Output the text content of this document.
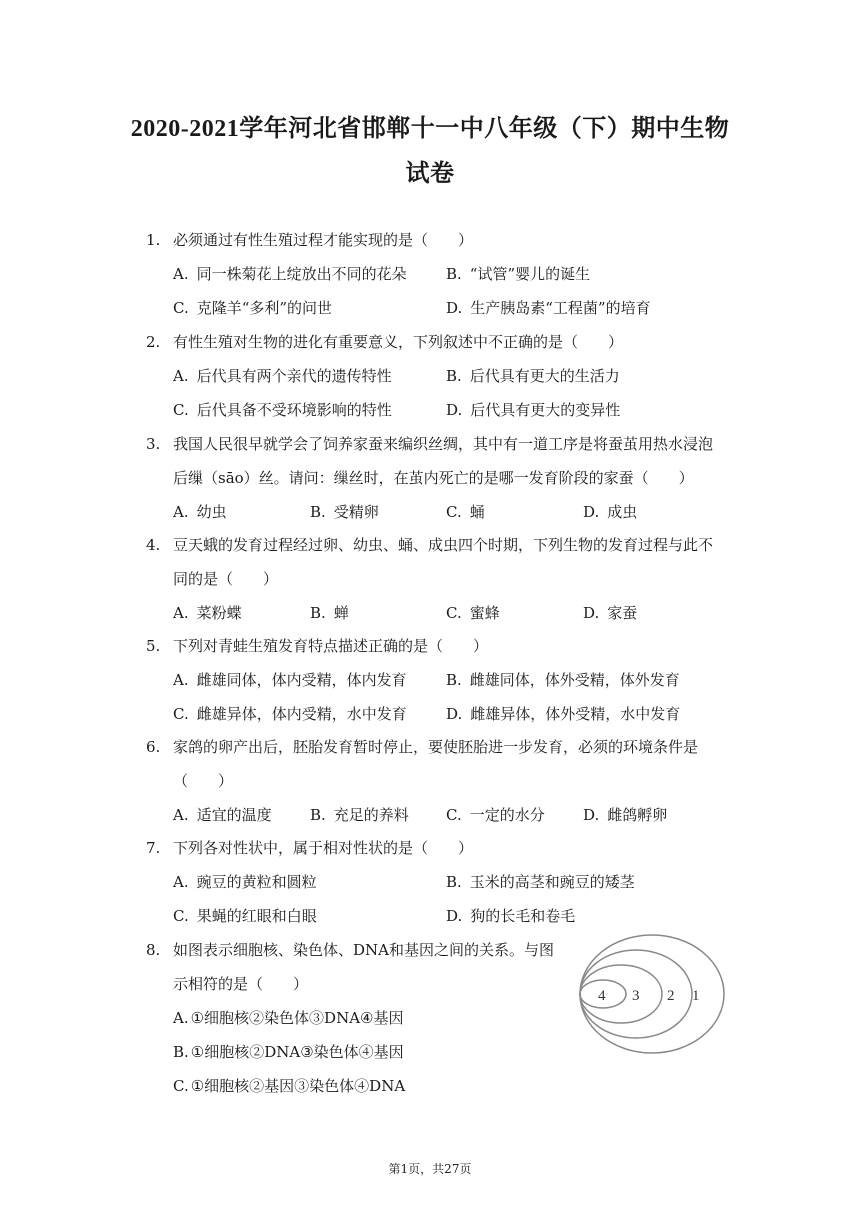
2020-2021学年河北省邯郸十一中八年级（下）期中生物
试卷
1. 必须通过有性生殖过程才能实现的是（　　）
A. 同一株菊花上绽放出不同的花朵	B. “试管”婴儿的诞生
C. 克隆羊“多利”的问世	D. 生产胰岛素“工程菌”的培育
2. 有性生殖对生物的进化有重要意义，下列叙述中不正确的是（　　）
A. 后代具有两个亲代的遗传特性	B. 后代具有更大的生活力
C. 后代具备不受环境影响的特性	D. 后代具有更大的变异性
3. 我国人民很早就学会了饲养家蚕来编织丝绸，其中有一道工序是将蚕茧用热水浸泡
后缫（sāo）丝。请问：缫丝时，在茧内死亡的是哪一发育阶段的家蚕（　　）
A. 幼虫	B. 受精卵	C. 蛹	D. 成虫
4. 豆天蛾的发育过程经过卵、幼虫、蛹、成虫四个时期，下列生物的发育过程与此不
同的是（　　）
A. 菜粉蝶	B. 蝉	C. 蜜蜂	D. 家蚕
5. 下列对青蛙生殖发育特点描述正确的是（　　）
A. 雌雄同体，体内受精，体内发育	B. 雌雄同体，体外受精，体外发育
C. 雌雄异体，体内受精，水中发育	D. 雌雄异体，体外受精，水中发育
6. 家鸽的卵产出后，胚胎发育暂时停止，要使胚胎进一步发育，必须的环境条件是
（　　）
A. 适宜的温度	B. 充足的养料 C. 一定的水分	D. 雌鸽孵卵
7. 下列各对性状中，属于相对性状的是（　　）
A. 豌豆的黄粒和圆粒	B. 玉米的高茎和豌豆的矮茎
C. 果蝇的红眼和白眼	D. 狗的长毛和卷毛
8. 如图表示细胞核、染色体、DNA和基因之间的关系。与图
示相符的是（　　）
A. ①细胞核②染色体③DNA④基因
B. ①细胞核②DNA③染色体④基因
C. ①细胞核②基因③染色体④DNA
4 3 2 1
第1页，共27页
